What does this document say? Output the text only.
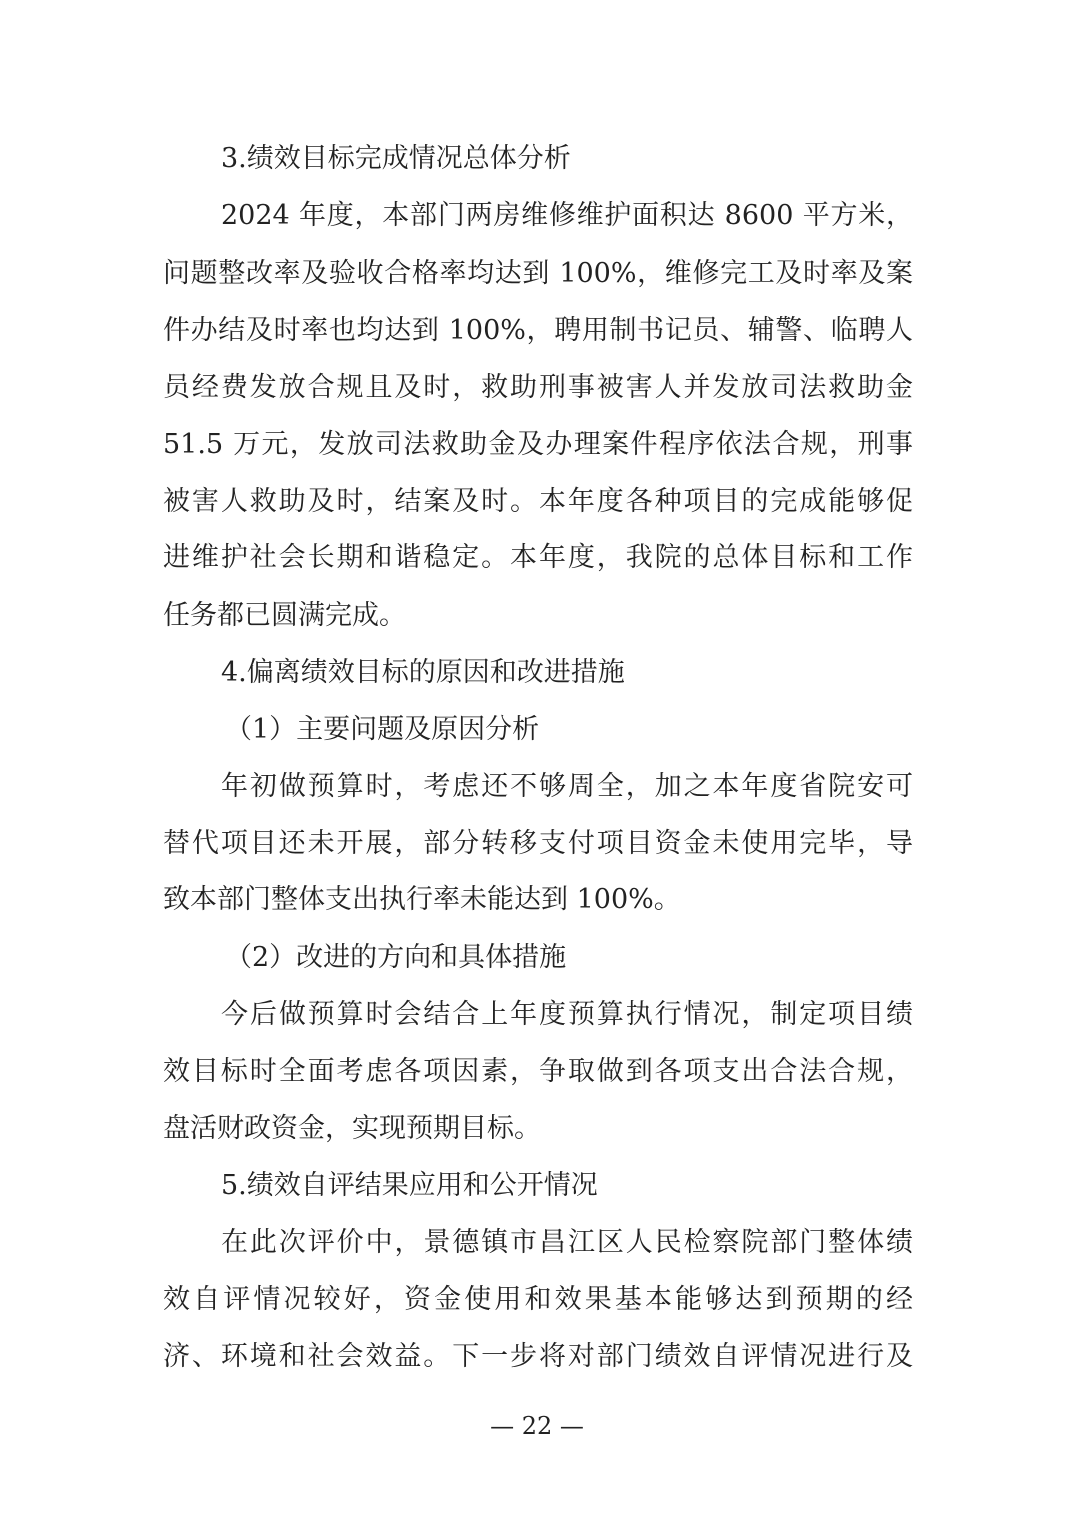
3.绩效目标完成情况总体分析
2024 年度，本部门两房维修维护面积达 8600 平方米，
问题整改率及验收合格率均达到 100%，维修完工及时率及案
件办结及时率也均达到 100%，聘用制书记员、辅警、临聘人
员经费发放合规且及时，救助刑事被害人并发放司法救助金
51.5 万元，发放司法救助金及办理案件程序依法合规，刑事
被害人救助及时，结案及时。本年度各种项目的完成能够促
进维护社会长期和谐稳定。本年度，我院的总体目标和工作
任务都已圆满完成。
4.偏离绩效目标的原因和改进措施
（1）主要问题及原因分析
年初做预算时，考虑还不够周全，加之本年度省院安可
替代项目还未开展，部分转移支付项目资金未使用完毕，导
致本部门整体支出执行率未能达到 100%。
（2）改进的方向和具体措施
今后做预算时会结合上年度预算执行情况，制定项目绩
效目标时全面考虑各项因素，争取做到各项支出合法合规，
盘活财政资金，实现预期目标。
5.绩效自评结果应用和公开情况
在此次评价中，景德镇市昌江区人民检察院部门整体绩
效自评情况较好，资金使用和效果基本能够达到预期的经
济、环境和社会效益。下一步将对部门绩效自评情况进行及
— 22 —
